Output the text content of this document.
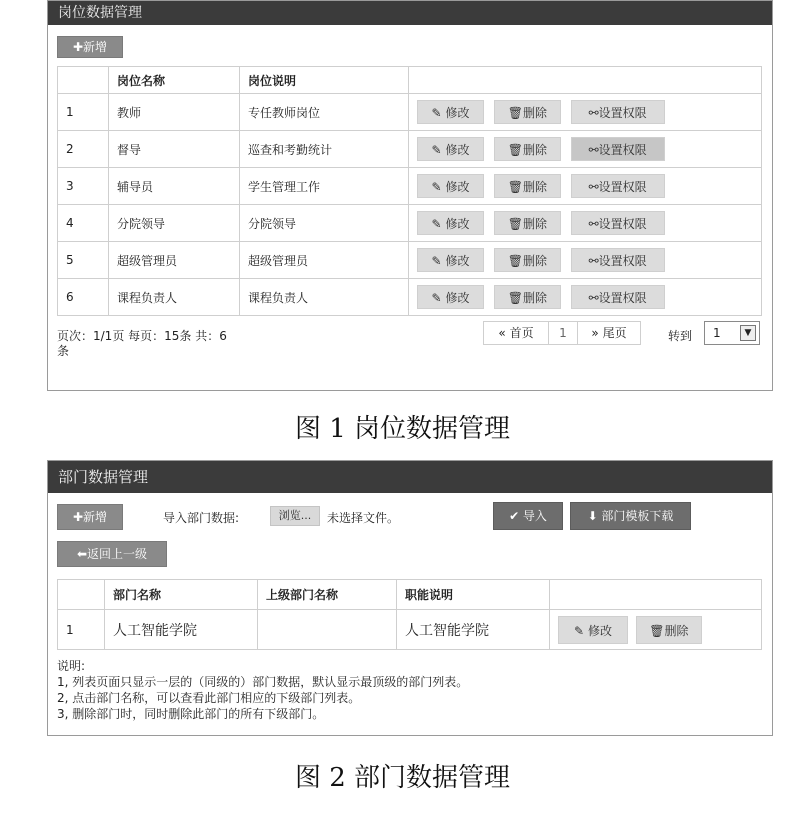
岗位数据管理
✚新增
	岗位名称	岗位说明	
1	教师	专任教师岗位	✎ 修改 🗑删除 ⚯设置权限
2	督导	巡查和考勤统计	✎ 修改 🗑删除 ⚯设置权限
3	辅导员	学生管理工作	✎ 修改 🗑删除 ⚯设置权限
4	分院领导	分院领导	✎ 修改 🗑删除 ⚯设置权限
5	超级管理员	超级管理员	✎ 修改 🗑删除 ⚯设置权限
6	课程负责人	课程负责人	✎ 修改 🗑删除 ⚯设置权限
页次：1/1页 每页：15条 共：6
条
« 首页	1	» 尾页	转到 1	▼
图 1 岗位数据管理
部门数据管理
✚新增	导入部门数据:	浏览...	未选择文件。	✔ 导入	⬇ 部门模板下载
⬅返回上一级
	部门名称	上级部门名称	职能说明	
1	人工智能学院		人工智能学院	✎ 修改 🗑删除
说明:
1, 列表页面只显示一层的（同级的）部门数据，默认显示最顶级的部门列表。
2, 点击部门名称，可以查看此部门相应的下级部门列表。
3, 删除部门时，同时删除此部门的所有下级部门。
图 2 部门数据管理
